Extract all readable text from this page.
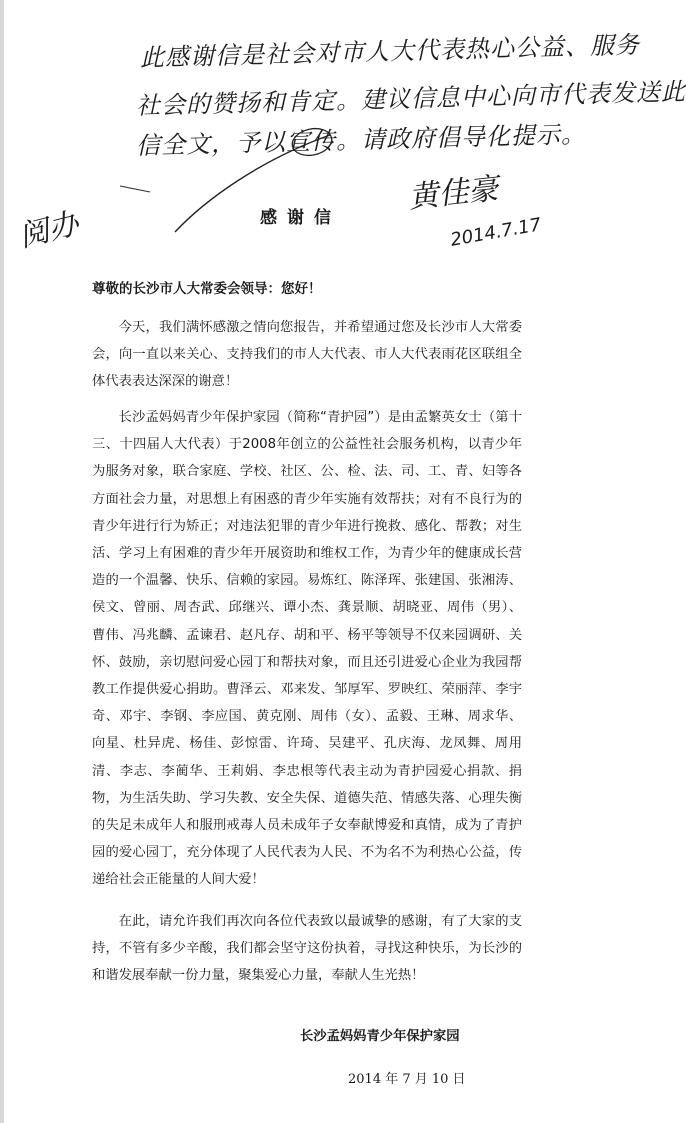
此感谢信是社会对市人大代表热心公益、服务
社会的赞扬和肯定。建议信息中心向市代表发送此
信全文，予以宣传。请政府倡导化提示。
黄佳豪
2014.7.17
阅办	感谢信
尊敬的长沙市人大常委会领导：您好！
今天，我们满怀感激之情向您报告，并希望通过您及长沙市人大常委会，向一直以来关心、支持我们的市人大代表、市人大代表雨花区联组全体代表表达深深的谢意！
长沙孟妈妈青少年保护家园（简称“青护园”）是由孟繁英女士（第十三、十四届人大代表）于2008年创立的公益性社会服务机构，以青少年为服务对象，联合家庭、学校、社区、公、检、法、司、工、青、妇等各方面社会力量，对思想上有困惑的青少年实施有效帮扶；对有不良行为的青少年进行行为矫正；对违法犯罪的青少年进行挽救、感化、帮教；对生活、学习上有困难的青少年开展资助和维权工作，为青少年的健康成长营造的一个温馨、快乐、信赖的家园。易炼红、陈泽珲、张建国、张湘涛、侯文、曾丽、周杏武、邱继兴、谭小杰、龚景顺、胡晓亚、周伟（男）、曹伟、冯兆麟、孟谏君、赵凡存、胡和平、杨平等领导不仅来园调研、关怀、鼓励，亲切慰问爱心园丁和帮扶对象，而且还引进爱心企业为我园帮教工作提供爱心捐助。曹泽云、邓来发、邹厚军、罗映红、荣丽萍、李宇奇、邓宇、李钢、李应国、黄克刚、周伟（女）、孟毅、王琳、周求华、向星、杜异虎、杨佳、彭惊雷、许琦、吴建平、孔庆海、龙凤舞、周用清、李志、李蔺华、王莉娟、李忠根等代表主动为青护园爱心捐款、捐物，为生活失助、学习失教、安全失保、道德失范、情感失落、心理失衡的失足未成年人和服刑戒毒人员未成年子女奉献博爱和真情，成为了青护园的爱心园丁，充分体现了人民代表为人民、不为名不为利热心公益，传递给社会正能量的人间大爱！
在此，请允许我们再次向各位代表致以最诚挚的感谢，有了大家的支持，不管有多少辛酸，我们都会坚守这份执着，寻找这种快乐，为长沙的和谐发展奉献一份力量，聚集爱心力量，奉献人生光热！
长沙孟妈妈青少年保护家园
2014 年 7 月 10 日
